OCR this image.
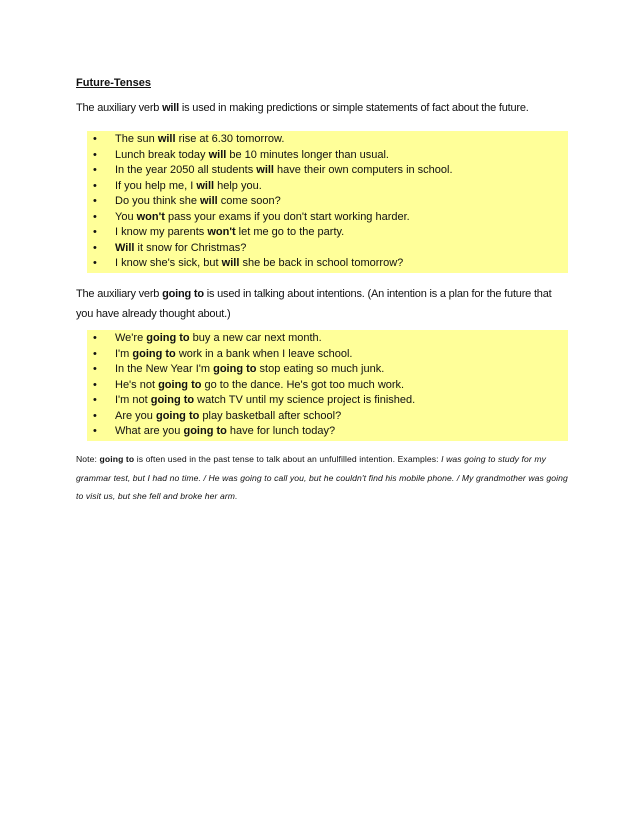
Future-Tenses
The auxiliary verb will is used in making predictions or simple statements of fact about the future.
• The sun will rise at 6.30 tomorrow.
• Lunch break today will be 10 minutes longer than usual.
• In the year 2050 all students will have their own computers in school.
• If you help me, I will help you.
• Do you think she will come soon?
• You won't pass your exams if you don't start working harder.
• I know my parents won't let me go to the party.
• Will it snow for Christmas?
• I know she's sick, but will she be back in school tomorrow?
The auxiliary verb going to is used in talking about intentions. (An intention is a plan for the future that you have already thought about.)
• We're going to buy a new car next month.
• I'm going to work in a bank when I leave school.
• In the New Year I'm going to stop eating so much junk.
• He's not going to go to the dance. He's got too much work.
• I'm not going to watch TV until my science project is finished.
• Are you going to play basketball after school?
• What are you going to have for lunch today?
Note: going to is often used in the past tense to talk about an unfulfilled intention. Examples: I was going to study for my grammar test, but I had no time. / He was going to call you, but he couldn't find his mobile phone. / My grandmother was going to visit us, but she fell and broke her arm.
